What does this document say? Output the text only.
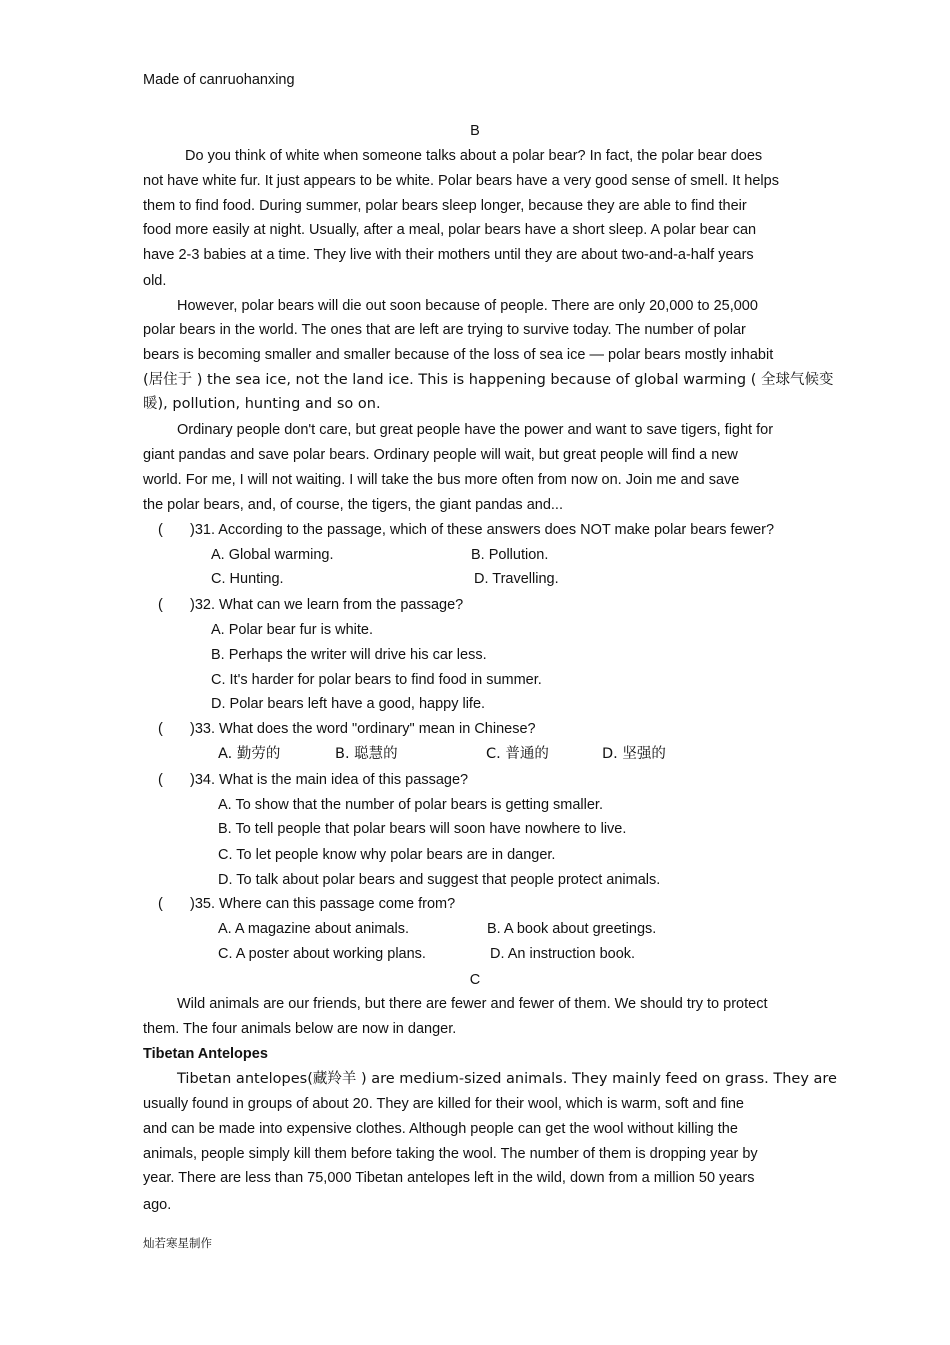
Made of canruohanxing
B
Do you think of white when someone talks about a polar bear? In fact, the polar bear does
not have white fur. It just appears to be white. Polar bears have a very good sense of smell. It helps
them to find food. During summer, polar bears sleep longer, because they are able to find their
food more easily at night. Usually, after a meal, polar bears have a short sleep. A polar bear can
have 2-3 babies at a time. They live with their mothers until they are about two-and-a-half years
old.
However, polar bears will die out soon because of people. There are only 20,000 to 25,000
polar bears in the world. The ones that are left are trying to survive today. The number of polar
bears is becoming smaller and smaller because of the loss of sea ice — polar bears mostly inhabit
(居住于 ) the sea ice, not the land ice. This is happening because of global warming ( 全球气候变
暖), pollution, hunting and so on.
Ordinary people don't care, but great people have the power and want to save tigers, fight for
giant pandas and save polar bears. Ordinary people will wait, but great people will find a new
world. For me, I will not waiting. I will take the bus more often from now on. Join me and save
the polar bears, and, of course, the tigers, the giant pandas and...
( )31. According to the passage, which of these answers does NOT make polar bears fewer?
A. Global warming.	B. Pollution.
C. Hunting.	D. Travelling.
( )32. What can we learn from the passage?
A. Polar bear fur is white.
B. Perhaps the writer will drive his car less.
C. It's harder for polar bears to find food in summer.
D. Polar bears left have a good, happy life.
( )33. What does the word "ordinary" mean in Chinese?
A. 勤劳的	B. 聪慧的	C. 普通的	D. 坚强的
( )34. What is the main idea of this passage?
A. To show that the number of polar bears is getting smaller.
B. To tell people that polar bears will soon have nowhere to live.
C. To let people know why polar bears are in danger.
D. To talk about polar bears and suggest that people protect animals.
( )35. Where can this passage come from?
A. A magazine about animals.	B. A book about greetings.
C. A poster about working plans.	D. An instruction book.
C
Wild animals are our friends, but there are fewer and fewer of them. We should try to protect
them. The four animals below are now in danger.
Tibetan Antelopes
Tibetan antelopes(藏羚羊 ) are medium-sized animals. They mainly feed on grass. They are
usually found in groups of about 20. They are killed for their wool, which is warm, soft and fine
and can be made into expensive clothes. Although people can get the wool without killing the
animals, people simply kill them before taking the wool. The number of them is dropping year by
year. There are less than 75,000 Tibetan antelopes left in the wild, down from a million 50 years
ago.
灿若寒星制作
